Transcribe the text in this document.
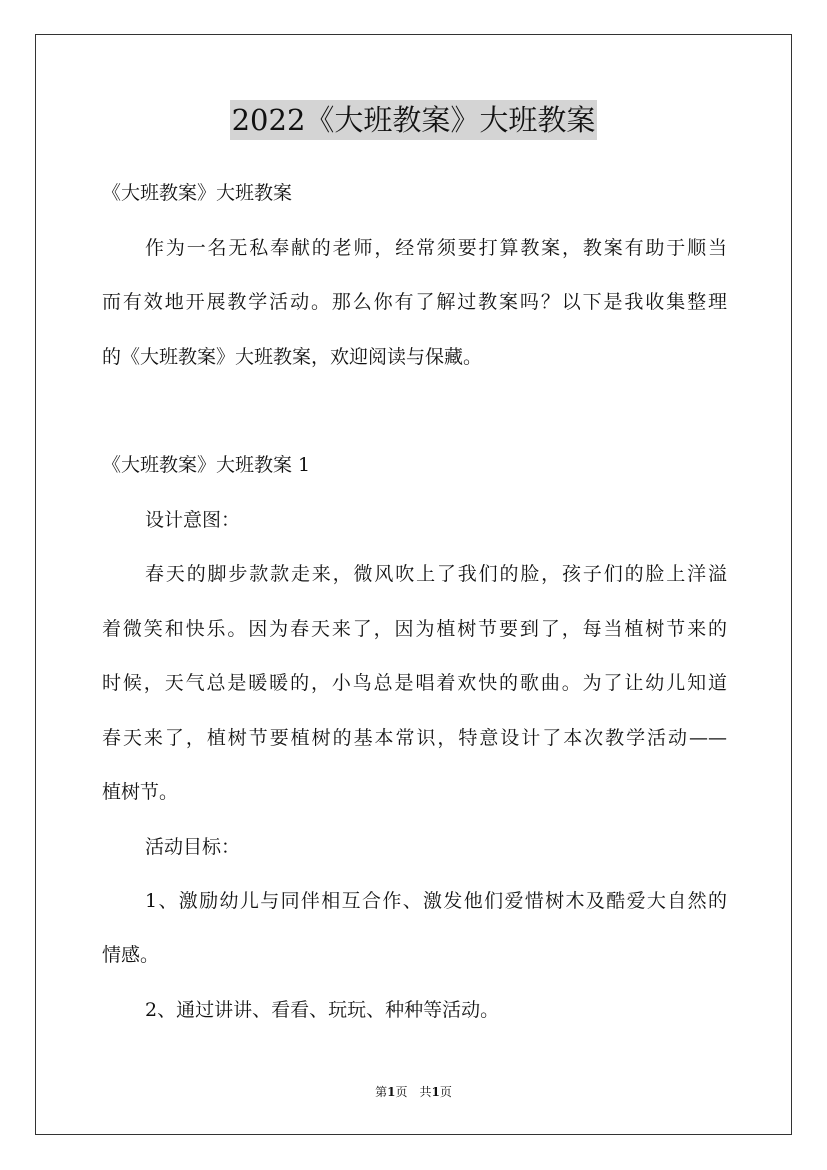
2022《大班教案》大班教案
《大班教案》大班教案
作为一名无私奉献的老师，经常须要打算教案，教案有助于顺当
而有效地开展教学活动。那么你有了解过教案吗？以下是我收集整理
的《大班教案》大班教案，欢迎阅读与保藏。
《大班教案》大班教案 1
设计意图：
春天的脚步款款走来，微风吹上了我们的脸，孩子们的脸上洋溢
着微笑和快乐。因为春天来了，因为植树节要到了，每当植树节来的
时候，天气总是暖暖的，小鸟总是唱着欢快的歌曲。为了让幼儿知道
春天来了，植树节要植树的基本常识，特意设计了本次教学活动——
植树节。
活动目标：
1、激励幼儿与同伴相互合作、激发他们爱惜树木及酷爱大自然的
情感。
2、通过讲讲、看看、玩玩、种种等活动。
第1页　共1页
